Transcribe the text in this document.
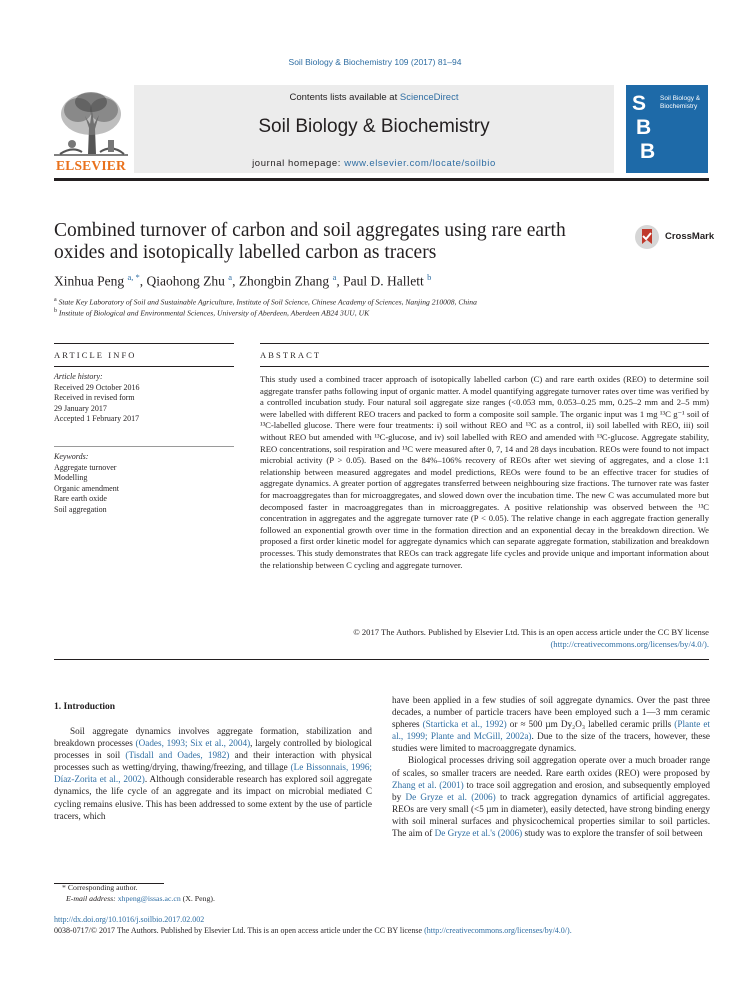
Soil Biology & Biochemistry 109 (2017) 81–94
Contents lists available at ScienceDirect
Soil Biology & Biochemistry
journal homepage: www.elsevier.com/locate/soilbio
ELSEVIER
S
B
B
Soil Biology & Biochemistry
Combined turnover of carbon and soil aggregates using rare earth oxides and isotopically labelled carbon as tracers
CrossMark
Xinhua Peng $^{a, *}$, Qiaohong Zhu $^a$, Zhongbin Zhang $^a$, Paul D. Hallett $^b$
$^a$ State Key Laboratory of Soil and Sustainable Agriculture, Institute of Soil Science, Chinese Academy of Sciences, Nanjing 210008, China
$^b$ Institute of Biological and Environmental Sciences, University of Aberdeen, Aberdeen AB24 3UU, UK
ARTICLE INFO
Article history:
Received 29 October 2016
Received in revised form
29 January 2017
Accepted 1 February 2017
Keywords:
Aggregate turnover
Modelling
Organic amendment
Rare earth oxide
Soil aggregation
ABSTRACT
This study used a combined tracer approach of isotopically labelled carbon (C) and rare earth oxides (REO) to determine soil aggregate transfer paths following input of organic matter. A model quantifying aggregate turnover rates over time was verified by a controlled incubation study. Four natural soil aggregate size ranges (<0.053 mm, 0.053–0.25 mm, 0.25–2 mm and 2–5 mm) were labelled with different REO tracers and packed to form a composite soil sample. The organic input was 1 mg ¹³C g⁻¹ soil of ¹³C-labelled glucose. There were four treatments: i) soil without REO and ¹³C as a control, ii) soil labelled with REO, iii) soil without REO but amended with ¹³C-glucose, and iv) soil labelled with REO and amended with ¹³C-glucose. Aggregate stability, REO concentrations, soil respiration and ¹³C were measured after 0, 7, 14 and 28 days incubation. REOs were found to not impact microbial activity (P > 0.05). Based on the 84%–106% recovery of REOs after wet sieving of aggregates, and a close 1:1 relationship between measured aggregates and model predictions, REOs were found to be an effective tracer for studies of aggregate dynamics. A greater portion of aggregates transferred between neighbouring size fractions. The turnover rate was faster for macroaggregates than for microaggregates, and slowed down over the incubation time. The new C was accumulated more but decomposed faster in macroaggregates than in microaggregates. A positive relationship was observed between the ¹³C concentration in aggregates and the aggregate turnover rate (P < 0.05). The relative change in each aggregate fraction generally followed an exponential growth over time in the formation direction and an exponential decay in the breakdown direction. We proposed a first order kinetic model for aggregate dynamics which can separate aggregate formation, stabilization and breakdown processes. This study demonstrates that REOs can track aggregate life cycles and provide unique and important information about the relationship between C cycling and aggregate turnover.
© 2017 The Authors. Published by Elsevier Ltd. This is an open access article under the CC BY license (http://creativecommons.org/licenses/by/4.0/).
1. Introduction
Soil aggregate dynamics involves aggregate formation, stabilization and breakdown processes (Oades, 1993; Six et al., 2004), largely controlled by biological processes in soil (Tisdall and Oades, 1982) and their interaction with physical processes such as wetting/drying, thawing/freezing, and tillage (Le Bissonnais, 1996; Díaz-Zorita et al., 2002). Although considerable research has explored soil aggregate dynamics, the life cycle of an aggregate and its impact on microbial mediated C cycling remains elusive. This has been addressed to some extent by the use of particle tracers, which

have been applied in a few studies of soil aggregate dynamics. Over the past three decades, a number of particle tracers have been employed such a 1—3 mm ceramic spheres (Starticka et al., 1992) or ≈ 500 µm Dy₂O₃ labelled ceramic prills (Plante et al., 1999; Plante and McGill, 2002a). Due to the size of the tracers, however, these studies were limited to macroaggregate dynamics.

Biological processes driving soil aggregation operate over a much broader range of scales, so smaller tracers are needed. Rare earth oxides (REO) were proposed by Zhang et al. (2001) to trace soil aggregation and erosion, and subsequently employed by De Gryze et al. (2006) to track aggregation dynamics of artificial aggregates. REOs are very small (<5 µm in diameter), easily detected, have strong binding energy with soil mineral surfaces and physicochemical properties similar to soil particles. The aim of De Gryze et al.'s (2006) study was to explore the transfer of soil between

* Corresponding author.
E-mail address: xhpeng@issas.ac.cn (X. Peng).
http://dx.doi.org/10.1016/j.soilbio.2017.02.002
0038-0717/© 2017 The Authors. Published by Elsevier Ltd. This is an open access article under the CC BY license (http://creativecommons.org/licenses/by/4.0/).
